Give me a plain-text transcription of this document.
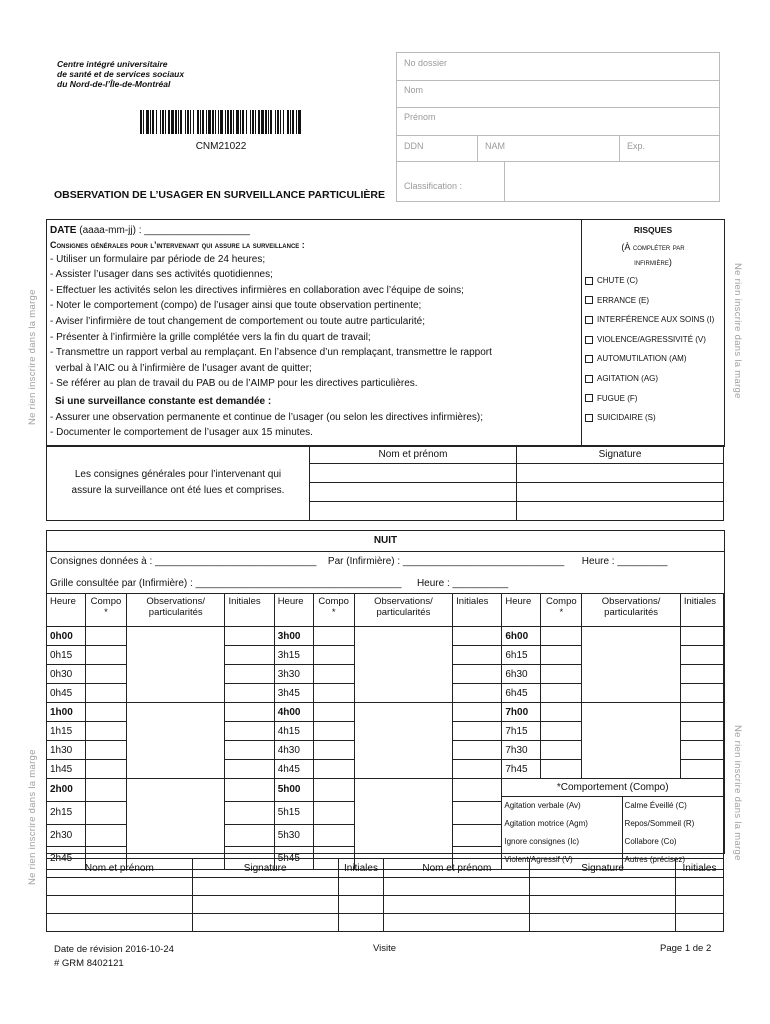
Ne rien inscrire dans la marge
Ne rien inscrire dans la marge
Ne rien inscrire dans la marge
Ne rien inscrire dans la marge
Centre intégré universitaire
de santé et de services sociaux
du Nord-de-l’Île-de-Montréal
CNM21022
No dossier
Nom
Prénom
DDN	NAM	Exp.
Classification :
OBSERVATION DE L’USAGER EN SURVEILLANCE PARTICULIÈRE
DATE (aaaa-mm-jj) : ___________________
Consignes générales pour l’intervenant qui assure la surveillance :
- Utiliser un formulaire par période de 24 heures;
- Assister l’usager dans ses activités quotidiennes;
- Effectuer les activités selon les directives infirmières en collaboration avec l’équipe de soins;
- Noter le comportement (compo) de l’usager ainsi que toute observation pertinente;
- Aviser l’infirmière de tout changement de comportement ou toute autre particularité;
- Présenter à l’infirmière la grille complétée vers la fin du quart de travail;
- Transmettre un rapport verbal au remplaçant. En l’absence d’un remplaçant, transmettre le rapport
verbal à l’AIC ou à l’infirmière de l’usager avant de quitter;
- Se référer au plan de travail du PAB ou de l’AIMP pour les directives particulières.
Si une surveillance constante est demandée :
- Assurer une observation permanente et continue de l’usager (ou selon les directives infirmières);
- Documenter le comportement de l’usager aux 15 minutes.
RISQUES
(À compléter par
infirmière)
CHUTE (C)
ERRANCE (E)
INTERFÉRENCE AUX SOINS (I)
VIOLENCE/AGRESSIVITÉ (V)
AUTOMUTILATION (AM)
AGITATION (AG)
FUGUE (F)
SUICIDAIRE (S)
Les consignes générales pour l’intervenant qui assure la surveillance ont été lues et comprises.	Nom et prénom	Signature

NUIT
Consignes données à : _____________________________ Par (Infirmière) : _____________________________ Heure : _________
Grille consultée par (Infirmière) : _____________________________________ Heure : __________
Heure	Compo *	Observations/ particularités	Initiales	Heure	Compo *	Observations/ particularités	Initiales	Heure	Compo *	Observations/ particularités	Initiales
0h00				3h00				6h00			
0h15			3h15			6h15		
0h30			3h30			6h30		
0h45			3h45			6h45		
1h00				4h00				7h00			
1h15			4h15			7h15		
1h30			4h30			7h30		
1h45			4h45			7h45		
2h00				5h00				*Comportement (Compo)
Agitation verbale (Av)	Calme Éveillé (C)
Agitation motrice (Agm)	Repos/Sommeil (R)
Ignore consignes (Ic)	Collabore (Co)
Violent/Agressif (V)	Autres (précisez)

2h15			5h15		
2h30			5h30		
2h45			5h45		
Nom et prénom	Signature	Initiales	Nom et prénom	Signature	Initiales

Date de révision 2016-10-24
# GRM 8402121
Visite	Page 1 de 2
